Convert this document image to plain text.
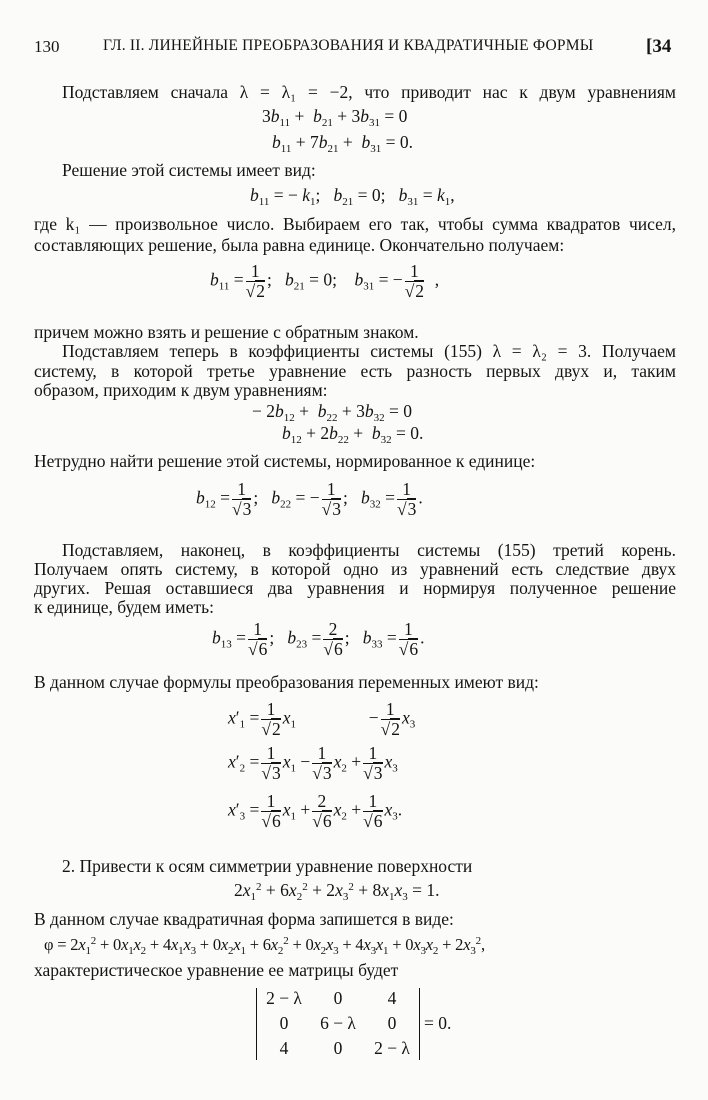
130	ГЛ. II. ЛИНЕЙНЫЕ ПРЕОБРАЗОВАНИЯ И КВАДРАТИЧНЫЕ ФОРМЫ	[34
Подставляем сначала λ = λ₁ = −2, что приводит нас к двум уравнениям
$3b_{11} + b_{21} + 3b_{31} = 0$
$b_{11} + 7b_{21} + b_{31} = 0$.
Решение этой системы имеет вид:
$b_{11}$ = − $k_1$;   $b_{21} = 0$;   $b_{31} = k_1$,
где k₁ — произвольное число. Выбираем его так, чтобы сумма квадратов чисел,
составляющих решение, была равна единице. Окончательно получаем:
$b_{11} = \frac{1}{√2}$ ;   $b_{21} = 0$;    $b_{31}$ = − $\frac{1}{√2}$ ,
причем можно взять и решение с обратным знаком.
Подставляем теперь в коэффициенты системы (155) λ = λ₂ = 3. Получаем
систему, в которой третье уравнение есть разность первых двух и, таким
образом, приходим к двум уравнениям:
− $2b_{12} + b_{22} + 3b_{32} = 0$
$b_{12} + 2b_{22} + b_{32} = 0$.
Нетрудно найти решение этой системы, нормированное к единице:
$b_{12} = \frac{1}{√3}$ ;   $b_{22}$ = − $\frac{1}{√3}$ ;   $b_{32} = \frac{1}{√3}$ .
Подставляем, наконец, в коэффициенты системы (155) третий корень.
Получаем опять систему, в которой одно из уравнений есть следствие двух
других. Решая оставшиеся два уравнения и нормируя полученное решение
к единице, будем иметь:
$b_{13} = \frac{1}{√6}$ ;   $b_{23} = \frac{2}{√6}$ ;   $b_{33} = \frac{1}{√6}$ .
В данном случае формулы преобразования переменных имеют вид:
$x'_1 = \frac{1}{√2} x_1$	− $\frac{1}{√2} x_3$
$x'_2 = \frac{1}{√3} x_1 - \frac{1}{√3} x_2 + \frac{1}{√3} x_3$
$x'_3 = \frac{1}{√6} x_1 + \frac{2}{√6} x_2 + \frac{1}{√6} x_3$.
2. Привести к осям симметрии уравнение поверхности
$2x_1^2 + 6x_2^2 + 2x_3^2 + 8x_1x_3 = 1$.
В данном случае квадратичная форма запишется в виде:
$\varphi = 2x_1^2 + 0x_1x_2 + 4x_1x_3 + 0x_2x_1 + 6x_2^2 + 0x_2x_3 + 4x_3x_1 + 0x_3x_2 + 2x_3^2$,
характеристическое уравнение ее матрицы будет
2 − λ	0	4
0	6 − λ	0
4	0	2 − λ
= 0.
